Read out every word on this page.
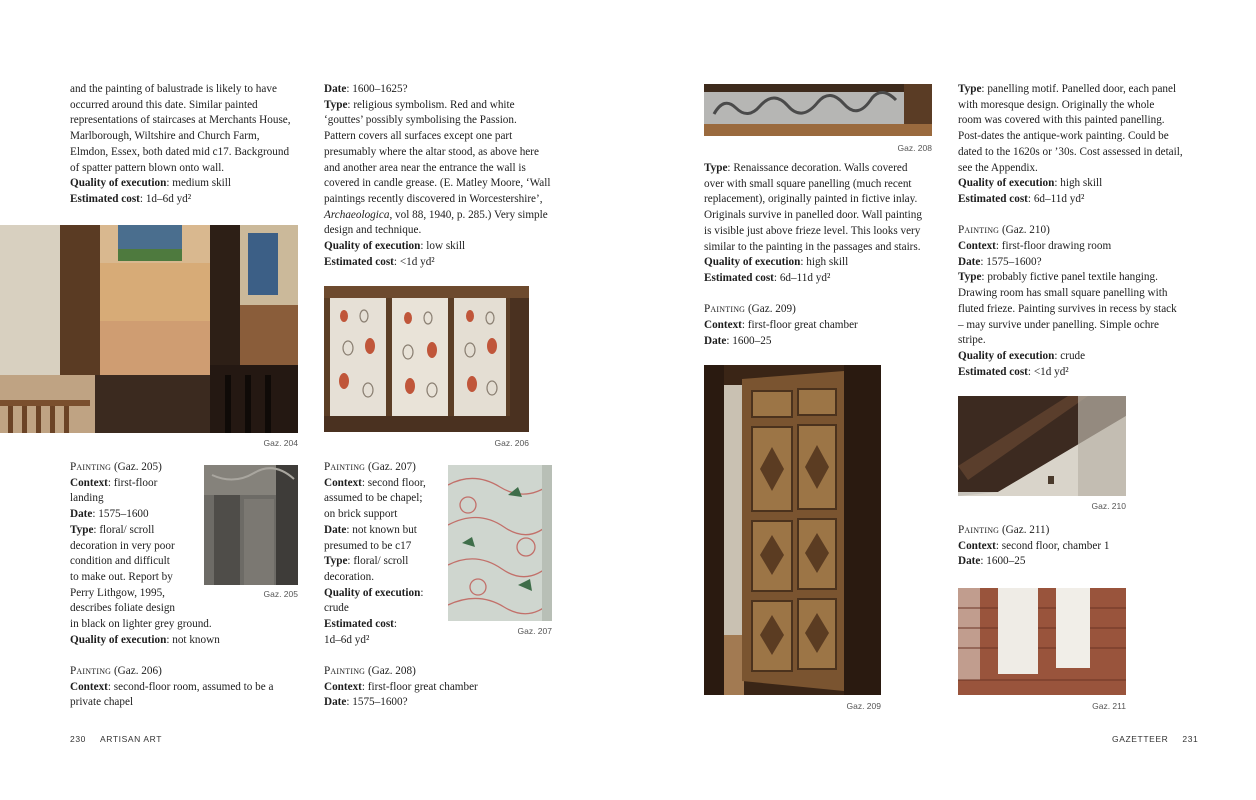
and the painting of balustrade is likely to have

occurred around this date. Similar painted

representations of staircases at Merchants House,

Marlborough, Wiltshire and Church Farm,

Elmdon, Essex, both dated mid c17. Background

of spatter pattern blown onto wall.

Quality of execution: medium skill

Estimated cost: 1d–6d yd²

Gaz. 204

Painting (Gaz. 205)

Context: first-floor

landing

Date: 1575–1600

Type: floral/ scroll

decoration in very poor

condition and difficult

to make out. Report by

Perry Lithgow, 1995,

describes foliate design

in black on lighter grey ground.

Quality of execution: not known

Gaz. 205

Painting (Gaz. 206)

Context: second-floor room, assumed to be a

private chapel

Date: 1600–1625?

Type: religious symbolism. Red and white

‘gouttes’ possibly symbolising the Passion.

Pattern covers all surfaces except one part

presumably where the altar stood, as above here

and another area near the entrance the wall is

covered in candle grease. (E. Matley Moore, ‘Wall

paintings recently discovered in Worcestershire’,

Archaeologica, vol 88, 1940, p. 285.) Very simple

design and technique.

Quality of execution: low skill

Estimated cost: <1d yd²

Gaz. 206

Painting (Gaz. 207)

Context: second floor,

assumed to be chapel;

on brick support

Date: not known but

presumed to be c17

Type: floral/ scroll

decoration.

Quality of execution:

crude

Estimated cost:

1d–6d yd²

Gaz. 207

Painting (Gaz. 208)

Context: first-floor great chamber

Date: 1575–1600?

230 ARTISAN ART
Gaz. 208

Type: Renaissance decoration. Walls covered

over with small square panelling (much recent

replacement), originally painted in fictive inlay.

Originals survive in panelled door. Wall painting

is visible just above frieze level. This looks very

similar to the painting in the passages and stairs.

Quality of execution: high skill

Estimated cost: 6d–11d yd²

Painting (Gaz. 209)

Context: first-floor great chamber

Date: 1600–25

Gaz. 209

Type: panelling motif. Panelled door, each panel

with moresque design. Originally the whole

room was covered with this painted panelling.

Post-dates the antique-work painting. Could be

dated to the 1620s or ’30s. Cost assessed in detail,

see the Appendix.

Quality of execution: high skill

Estimated cost: 6d–11d yd²

Painting (Gaz. 210)

Context: first-floor drawing room

Date: 1575–1600?

Type: probably fictive panel textile hanging.

Drawing room has small square panelling with

fluted frieze. Painting survives in recess by stack

– may survive under panelling. Simple ochre

stripe.

Quality of execution: crude

Estimated cost: <1d yd²

Gaz. 210

Painting (Gaz. 211)

Context: second floor, chamber 1

Date: 1600–25

Gaz. 211
GAZETTEER 231
